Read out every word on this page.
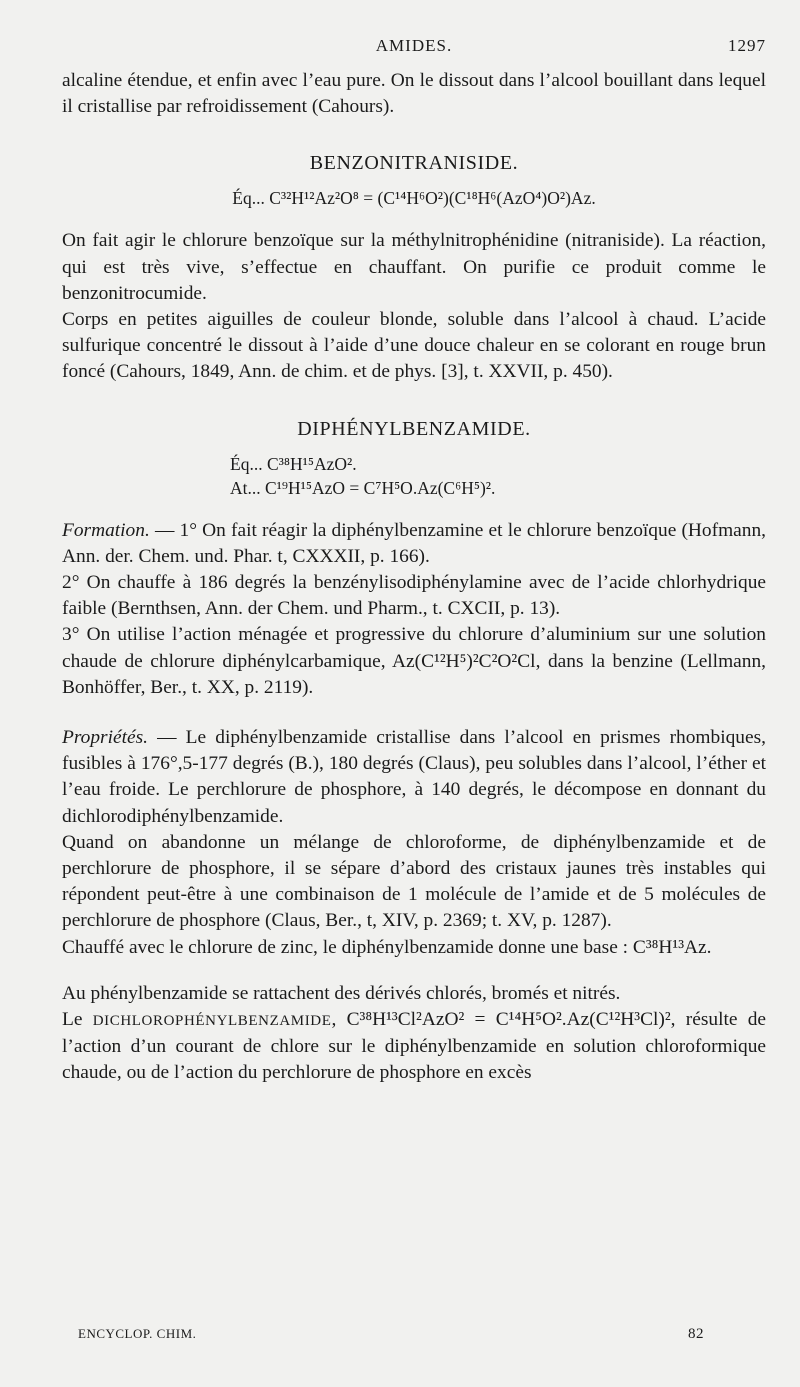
AMIDES.	1297

alcaline étendue, et enfin avec l’eau pure. On le dissout dans l’alcool bouillant dans lequel il cristallise par refroidissement (Cahours).

BENZONITRANISIDE.

Éq... C³²H¹²Az²O⁸ = (C¹⁴H⁶O²)(C¹⁸H⁶(AzO⁴)O²)Az.

On fait agir le chlorure benzoïque sur la méthylnitrophénidine (nitraniside). La réaction, qui est très vive, s’effectue en chauffant. On purifie ce produit comme le benzonitrocumide.

Corps en petites aiguilles de couleur blonde, soluble dans l’alcool à chaud. L’acide sulfurique concentré le dissout à l’aide d’une douce chaleur en se colorant en rouge brun foncé (Cahours, 1849, Ann. de chim. et de phys. [3], t. XXVII, p. 450).

DIPHÉNYLBENZAMIDE.

Éq... C³⁸H¹⁵AzO².

At... C¹⁹H¹⁵AzO = C⁷H⁵O.Az(C⁶H⁵)².

Formation. — 1° On fait réagir la diphénylbenzamine et le chlorure benzoïque (Hofmann, Ann. der. Chem. und. Phar. t, CXXXII, p. 166).

2° On chauffe à 186 degrés la benzénylisodiphénylamine avec de l’acide chlorhydrique faible (Bernthsen, Ann. der Chem. und Pharm., t. CXCII, p. 13).

3° On utilise l’action ménagée et progressive du chlorure d’aluminium sur une solution chaude de chlorure diphénylcarbamique, Az(C¹²H⁵)²C²O²Cl, dans la benzine (Lellmann, Bonhöffer, Ber., t. XX, p. 2119).

Propriétés. — Le diphénylbenzamide cristallise dans l’alcool en prismes rhombiques, fusibles à 176°,5-177 degrés (B.), 180 degrés (Claus), peu solubles dans l’alcool, l’éther et l’eau froide. Le perchlorure de phosphore, à 140 degrés, le décompose en donnant du dichlorodiphénylbenzamide.

Quand on abandonne un mélange de chloroforme, de diphénylbenzamide et de perchlorure de phosphore, il se sépare d’abord des cristaux jaunes très instables qui répondent peut-être à une combinaison de 1 molécule de l’amide et de 5 molécules de perchlorure de phosphore (Claus, Ber., t, XIV, p. 2369; t. XV, p. 1287).

Chauffé avec le chlorure de zinc, le diphénylbenzamide donne une base : C³⁸H¹³Az.

Au phénylbenzamide se rattachent des dérivés chlorés, bromés et nitrés.

Le DICHLOROPHÉNYLBENZAMIDE, C³⁸H¹³Cl²AzO² = C¹⁴H⁵O².Az(C¹²H³Cl)², résulte de l’action d’un courant de chlore sur le diphénylbenzamide en solution chloroformique chaude, ou de l’action du perchlorure de phosphore en excès

ENCYCLOP. CHIM.	82
